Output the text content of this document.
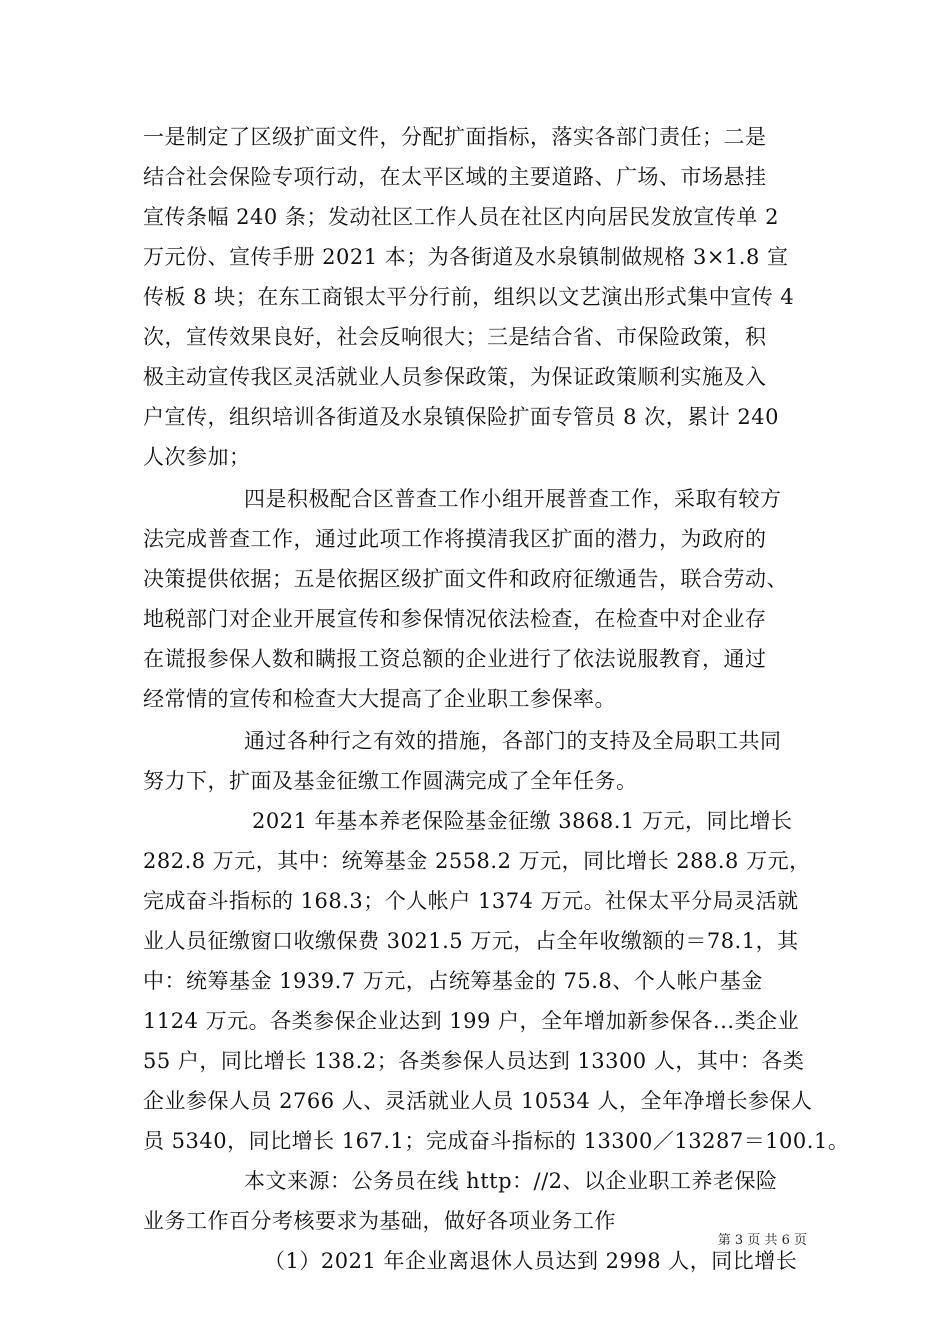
一是制定了区级扩面文件，分配扩面指标，落实各部门责任；二是
结合社会保险专项行动，在太平区域的主要道路、广场、市场悬挂
宣传条幅 240 条；发动社区工作人员在社区内向居民发放宣传单 2
万元份、宣传手册 2021 本；为各街道及水泉镇制做规格 3×1.8 宣
传板 8 块；在东工商银太平分行前，组织以文艺演出形式集中宣传 4
次，宣传效果良好，社会反响很大；三是结合省、市保险政策，积
极主动宣传我区灵活就业人员参保政策，为保证政策顺利实施及入
户宣传，组织培训各街道及水泉镇保险扩面专管员 8 次，累计 240
人次参加；
四是积极配合区普查工作小组开展普查工作，采取有较方
法完成普查工作，通过此项工作将摸清我区扩面的潜力，为政府的
决策提供依据；五是依据区级扩面文件和政府征缴通告，联合劳动、
地税部门对企业开展宣传和参保情况依法检查，在检查中对企业存
在谎报参保人数和瞒报工资总额的企业进行了依法说服教育，通过
经常情的宣传和检查大大提高了企业职工参保率。
通过各种行之有效的措施，各部门的支持及全局职工共同
努力下，扩面及基金征缴工作圆满完成了全年任务。
2021 年基本养老保险基金征缴 3868.1 万元，同比增长
282.8 万元，其中：统筹基金 2558.2 万元，同比增长 288.8 万元，
完成奋斗指标的 168.3；个人帐户 1374 万元。社保太平分局灵活就
业人员征缴窗口收缴保费 3021.5 万元，占全年收缴额的＝78.1，其
中：统筹基金 1939.7 万元，占统筹基金的 75.8、个人帐户基金
1124 万元。各类参保企业达到 199 户，全年增加新参保各...类企业
55 户，同比增长 138.2；各类参保人员达到 13300 人，其中：各类
企业参保人员 2766 人、灵活就业人员 10534 人，全年净增长参保人
员 5340，同比增长 167.1；完成奋斗指标的 13300／13287＝100.1。
本文来源：公务员在线 http：//2、以企业职工养老保险
业务工作百分考核要求为基础，做好各项业务工作
（1）2021 年企业离退休人员达到 2998 人，同比增长
第 3 页 共 6 页
